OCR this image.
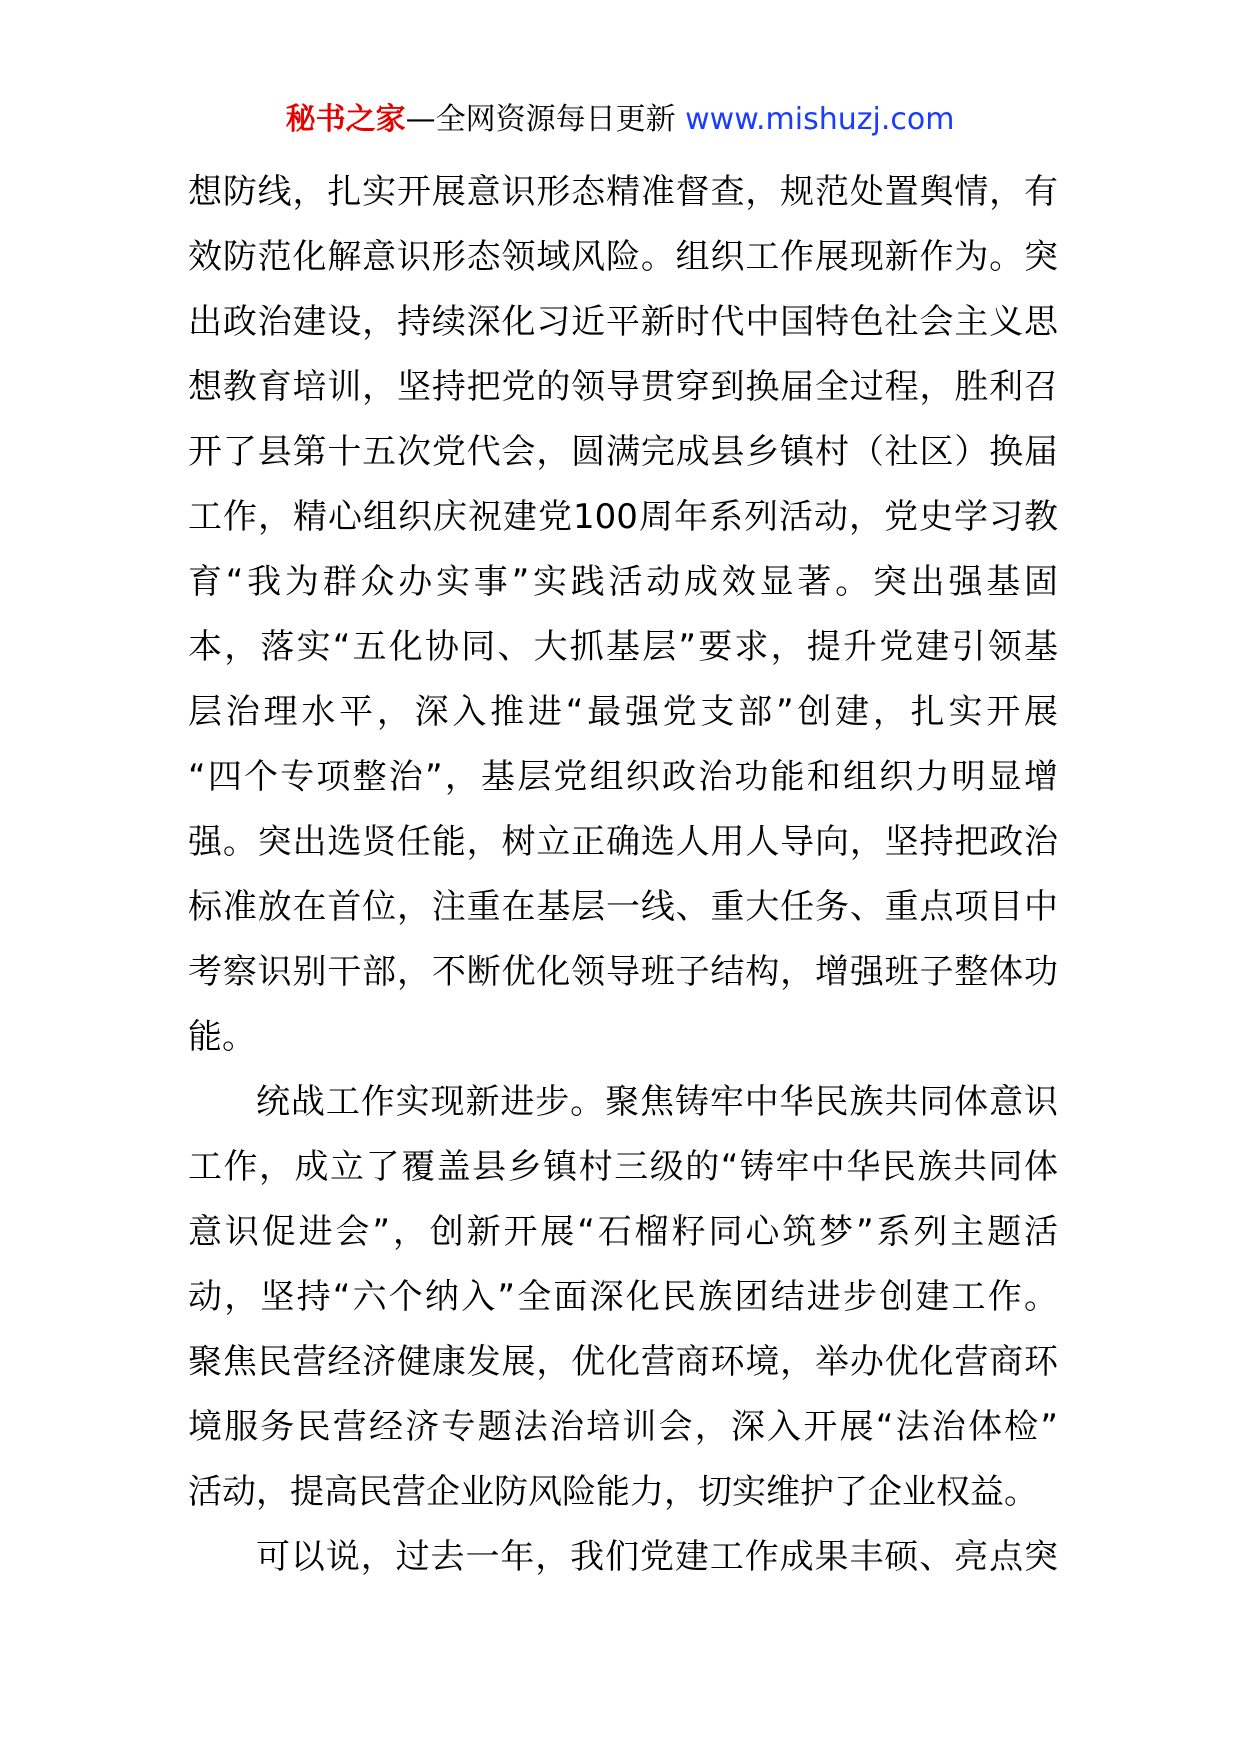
秘书之家—全网资源每日更新 www.mishuzj.com
想防线，扎实开展意识形态精准督查，规范处置舆情，有
效防范化解意识形态领域风险。组织工作展现新作为。突
出政治建设，持续深化习近平新时代中国特色社会主义思
想教育培训，坚持把党的领导贯穿到换届全过程，胜利召
开了县第十五次党代会，圆满完成县乡镇村（社区）换届
工作，精心组织庆祝建党100周年系列活动，党史学习教
育“我为群众办实事”实践活动成效显著。突出强基固
本，落实“五化协同、大抓基层”要求，提升党建引领基
层治理水平，深入推进“最强党支部”创建，扎实开展
“四个专项整治”，基层党组织政治功能和组织力明显增
强。突出选贤任能，树立正确选人用人导向，坚持把政治
标准放在首位，注重在基层一线、重大任务、重点项目中
考察识别干部，不断优化领导班子结构，增强班子整体功
能。
统战工作实现新进步。聚焦铸牢中华民族共同体意识
工作，成立了覆盖县乡镇村三级的“铸牢中华民族共同体
意识促进会”，创新开展“石榴籽同心筑梦”系列主题活
动，坚持“六个纳入”全面深化民族团结进步创建工作。
聚焦民营经济健康发展，优化营商环境，举办优化营商环
境服务民营经济专题法治培训会，深入开展“法治体检”
活动，提高民营企业防风险能力，切实维护了企业权益。
可以说，过去一年，我们党建工作成果丰硕、亮点突
